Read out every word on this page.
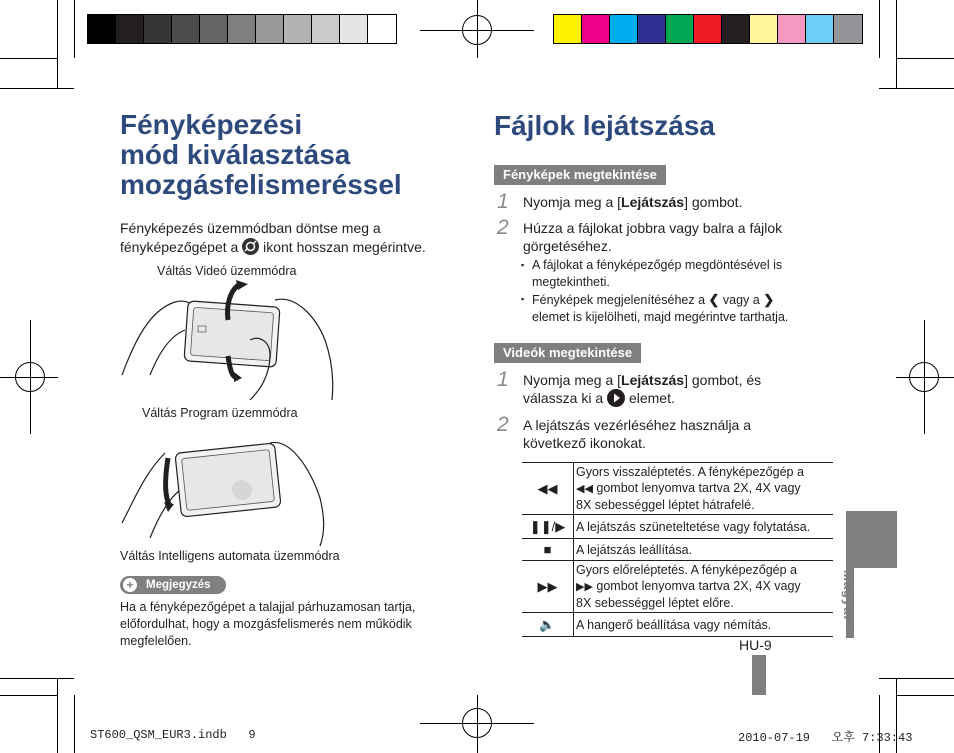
Fényképezési
mód kiválasztása
mozgásfelismeréssel
Fényképezés üzemmódban döntse meg a
fényképezőgépet a ikont hosszan megérintve.
Váltás Videó üzemmódra
Váltás Program üzemmódra
Váltás Intelligens automata üzemmódra
+	Megjegyzés
Ha a fényképezőgépet a talajjal párhuzamosan tartja,
előfordulhat, hogy a mozgásfelismerés nem működik
megfelelően.
Fájlok lejátszása
Fényképek megtekintése
1 Nyomja meg a [Lejátszás] gombot.
2 Húzza a fájlokat jobbra vagy balra a fájlok
görgetéséhez.
▪ A fájlokat a fényképezőgép megdöntésével is
megtekintheti.
▪ Fényképek megjelenítéséhez a ❮ vagy a ❯
elemet is kijelölheti, majd megérintve tarthatja.
Videók megtekintése
1 Nyomja meg a [Lejátszás] gombot, és
válassza ki a elemet.
2 A lejátszás vezérléséhez használja a
következő ikonokat.
◀◀	Gyors visszaléptetés. A fényképezőgép a
◀◀ gombot lenyomva tartva 2X, 4X vagy
8X sebességgel léptet hátrafelé.

❚❚/▶	A lejátszás szüneteltetése vagy folytatása.
■	A lejátszás leállítása.
▶▶	Gyors előreléptetés. A fényképezőgép a
▶▶ gombot lenyomva tartva 2X, 4X vagy
8X sebességgel léptet előre.

🔈	A hangerő beállítása vagy némítás.
HU-9
Magyar
ST600_QSM_EUR3.indb   9	2010-07-19   오후 7:33:43
